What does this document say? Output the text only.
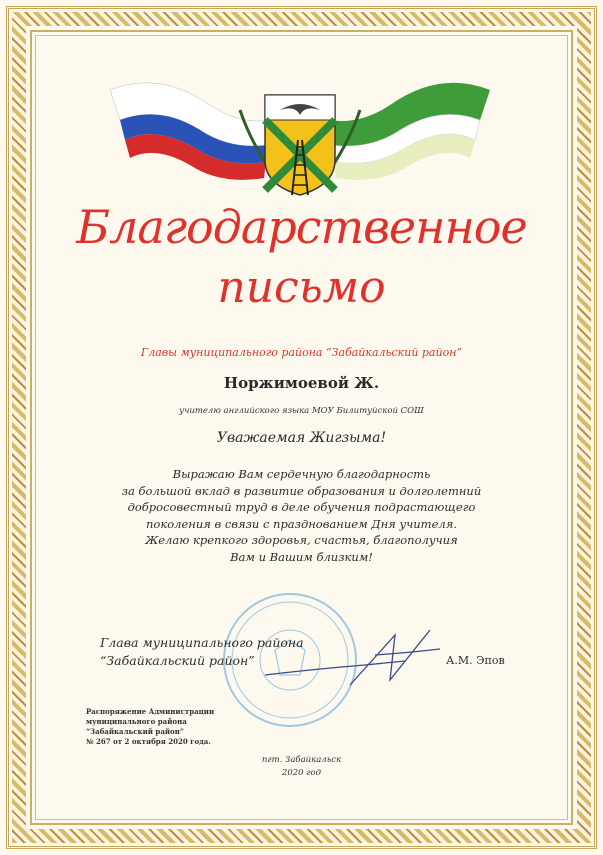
Благодарственное
письмо
Главы муниципального района “Забайкальский район”
Норжимоевой Ж.
учителю английского языка МОУ Билитуйской СОШ
Уважаемая Жигзыма!
Выражаю Вам сердечную благодарность
за большой вклад в развитие образования и долголетний
добросовестный труд в деле обучения подрастающего
поколения в связи с празднованием Дня учителя.
Желаю крепкого здоровья, счастья, благополучия
Вам и Вашим близким!
Глава муниципального района
“Забайкальский район”	А.М. Эпов
Распоряжение Администрации
муниципального района
“Забайкальский район”
№ 267 от 2 октября 2020 года.
пгт. Забайкальск
2020 год
